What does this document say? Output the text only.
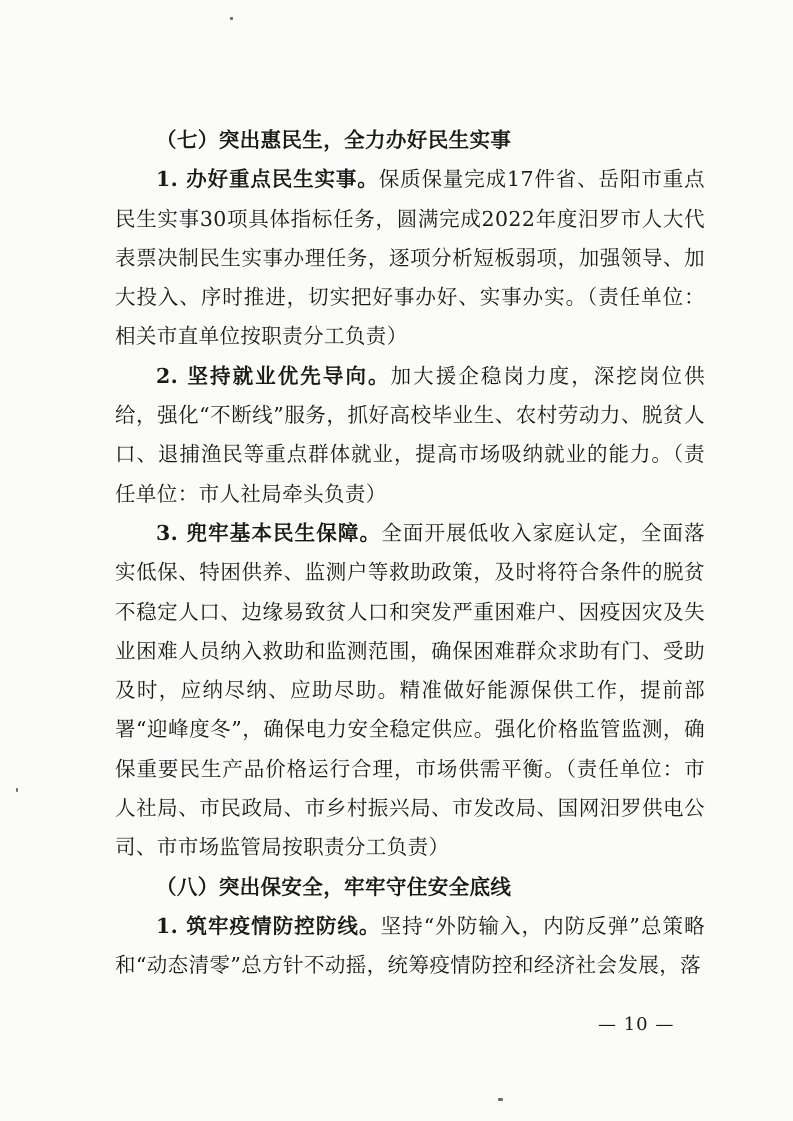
（七）突出惠民生，全力办好民生实事

1. 办好重点民生实事。保质保量完成17件省、岳阳市重点民生实事30项具体指标任务，圆满完成2022年度汨罗市人大代表票决制民生实事办理任务，逐项分析短板弱项，加强领导、加大投入、序时推进，切实把好事办好、实事办实。（责任单位：相关市直单位按职责分工负责）

2. 坚持就业优先导向。加大援企稳岗力度，深挖岗位供给，强化“不断线”服务，抓好高校毕业生、农村劳动力、脱贫人口、退捕渔民等重点群体就业，提高市场吸纳就业的能力。（责任单位：市人社局牵头负责）

3. 兜牢基本民生保障。全面开展低收入家庭认定，全面落实低保、特困供养、监测户等救助政策，及时将符合条件的脱贫不稳定人口、边缘易致贫人口和突发严重困难户、因疫因灾及失业困难人员纳入救助和监测范围，确保困难群众求助有门、受助及时，应纳尽纳、应助尽助。精准做好能源保供工作，提前部署“迎峰度冬”，确保电力安全稳定供应。强化价格监管监测，确保重要民生产品价格运行合理，市场供需平衡。（责任单位：市人社局、市民政局、市乡村振兴局、市发改局、国网汨罗供电公司、市市场监管局按职责分工负责）

（八）突出保安全，牢牢守住安全底线

1. 筑牢疫情防控防线。坚持“外防输入，内防反弹”总策略和“动态清零”总方针不动摇，统筹疫情防控和经济社会发展，落

— 10 —
